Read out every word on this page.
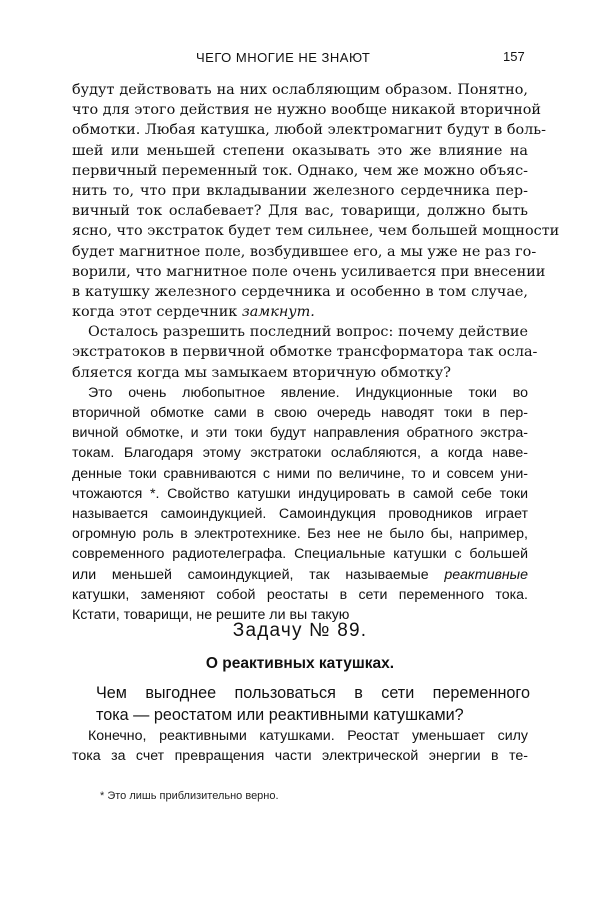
ЧЕГО МНОГИЕ НЕ ЗНАЮТ	157
будут действовать на них ослабляющим образом. Понятно,
что для этого действия не нужно вообще никакой вторичной
обмотки. Любая катушка, любой электромагнит будут в боль-
шей или меньшей степени оказывать это же влияние на
первичный переменный ток. Однако, чем же можно объяс-
нить то, что при вкладывании железного сердечника пер-
вичный ток ослабевает? Для вас, товарищи, должно быть
ясно, что экстраток будет тем сильнее, чем большей мощности
будет магнитное поле, возбудившее его, а мы уже не раз го-
ворили, что магнитное поле очень усиливается при внесении
в катушку железного сердечника и особенно в том случае,
когда этот сердечник замкнут.
Осталось разрешить последний вопрос: почему действие
экстратоков в первичной обмотке трансформатора так осла-
бляется когда мы замыкаем вторичную обмотку?
Это очень любопытное явление. Индукционные токи во
вторичной обмотке сами в свою очередь наводят токи в пер-
вичной обмотке, и эти токи будут направления обратного экстра-
токам. Благодаря этому экстратоки ослабляются, а когда наве-
денные токи сравниваются с ними по величине, то и совсем уни-
чтожаются *. Свойство катушки индуцировать в самой себе токи
называется самоиндукцией. Самоиндукция проводников играет
огромную роль в электротехнике. Без нее не было бы, например,
современного радиотелеграфа. Специальные катушки с большей
или меньшей самоиндукцией, так называемые реактивные
катушки, заменяют собой реостаты в сети переменного тока.
Кстати, товарищи, не решите ли вы такую
Задачу № 89.
О реактивных катушках.
Чем выгоднее пользоваться в сети переменного
тока — реостатом или реактивными катушками?
Конечно, реактивными катушками. Реостат уменьшает силу
тока за счет превращения части электрической энергии в те-
* Это лишь приблизительно верно.
